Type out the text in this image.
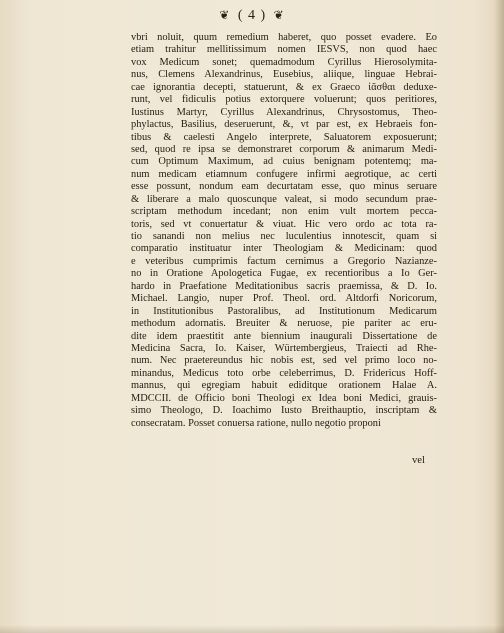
❦ ( 4 ) ❦
vbri noluit, quum remedium haberet, quo posset evadere. Eo
etiam trahitur mellitissimum nomen IESVS, non quod haec
vox Medicum sonet; quemadmodum Cyrillus Hierosolymita-
nus, Clemens Alexandrinus, Eusebius, aliique, linguae Hebrai-
cae ignorantia decepti, statuerunt, & ex Graeco ἰᾶσθαι deduxe-
runt, vel fidiculis potius extorquere voluerunt; quos peritiores,
Iustinus Martyr, Cyrillus Alexandrinus, Chrysostomus, Theo-
phylactus, Basilius, deseruerunt, &, vt par est, ex Hebraeis fon-
tibus & caelesti Angelo interprete, Saluatorem exposuerunt;
sed, quod re ipsa se demonstraret corporum & animarum Medi-
cum Optimum Maximum, ad cuius benignam potentemq; ma-
num medicam etiamnum confugere infirmi aegrotique, ac certi
esse possunt, nondum eam decurtatam esse, quo minus seruare
& liberare a malo quoscunque valeat, si modo secundum prae-
scriptam methodum incedant; non enim vult mortem pecca-
toris, sed vt conuertatur & viuat. Hic vero ordo ac tota ra-
tio sanandi non melius nec luculentius innotescit, quam si
comparatio instituatur inter Theologiam & Medicinam: quod
e veteribus cumprimis factum cernimus a Gregorio Nazianze-
no in Oratione Apologetica Fugae, ex recentioribus a Io Ger-
hardo in Praefatione Meditationibus sacris praemissa, & D. Io.
Michael. Langio, nuper Prof. Theol. ord. Altdorfi Noricorum,
in Institutionibus Pastoralibus, ad Institutionum Medicarum
methodum adornatis. Breuiter & neruose, pie pariter ac eru-
dite idem praestitit ante biennium inaugurali Dissertatione de
Medicina Sacra, Io. Kaiser, Würtembergieus, Traiecti ad Rhe-
num. Nec praetereundus hic nobis est, sed vel primo loco no-
minandus, Medicus toto orbe celeberrimus, D. Fridericus Hoff-
mannus, qui egregiam habuit ediditque orationem Halae A.
MDCCII. de Officio boni Theologi ex Idea boni Medici, grauis-
simo Theologo, D. Ioachimo Iusto Breithauptio, inscriptam &
consecratam. Posset conuersa ratione, nullo negotio proponi
vel
